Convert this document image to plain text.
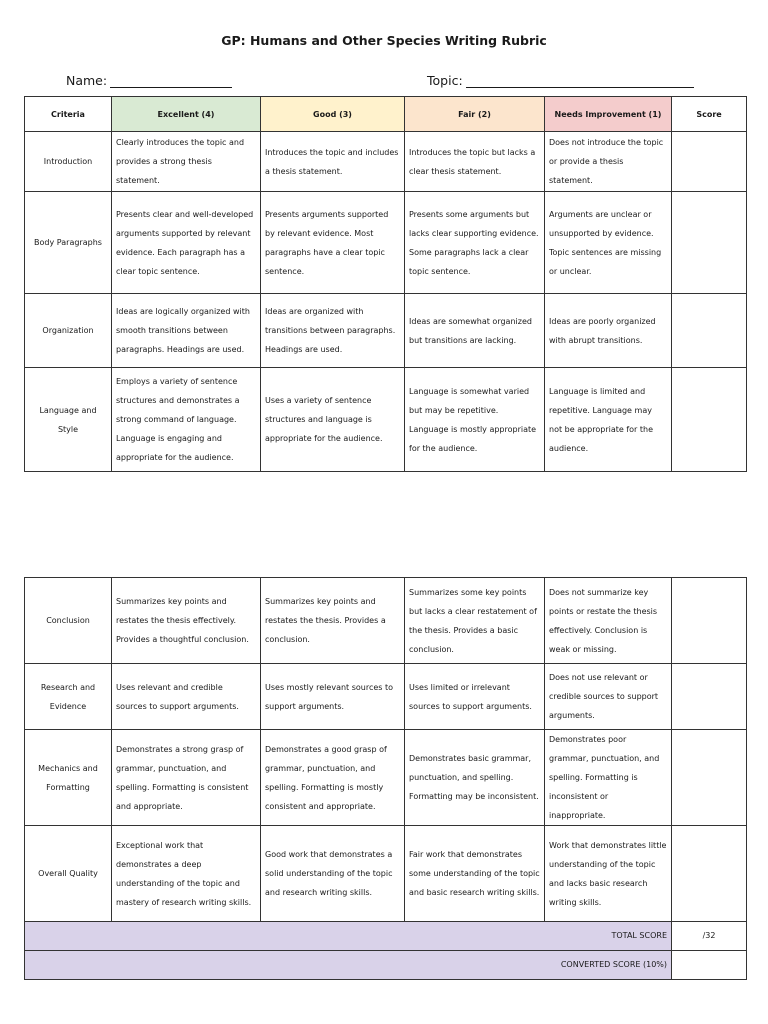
GP: Humans and Other Species Writing Rubric
Name:	Topic:
Criteria	Excellent (4)	Good (3)	Fair (2)	Needs Improvement (1)	Score
Introduction	Clearly introduces the topic and provides a strong thesis statement.	Introduces the topic and includes a thesis statement.	Introduces the topic but lacks a clear thesis statement.	Does not introduce the topic or provide a thesis statement.	
Body Paragraphs	Presents clear and well-developed arguments supported by relevant evidence. Each paragraph has a clear topic sentence.	Presents arguments supported by relevant evidence. Most paragraphs have a clear topic sentence.	Presents some arguments but lacks clear supporting evidence. Some paragraphs lack a clear topic sentence.	Arguments are unclear or unsupported by evidence. Topic sentences are missing or unclear.	
Organization	Ideas are logically organized with smooth transitions between paragraphs. Headings are used.	Ideas are organized with transitions between paragraphs. Headings are used.	Ideas are somewhat organized but transitions are lacking.	Ideas are poorly organized with abrupt transitions.	
Language and Style	Employs a variety of sentence structures and demonstrates a strong command of language. Language is engaging and appropriate for the audience.	Uses a variety of sentence structures and language is appropriate for the audience.	Language is somewhat varied but may be repetitive. Language is mostly appropriate for the audience.	Language is limited and repetitive. Language may not be appropriate for the audience.	
Conclusion	Summarizes key points and restates the thesis effectively. Provides a thoughtful conclusion.	Summarizes key points and restates the thesis. Provides a conclusion.	Summarizes some key points but lacks a clear restatement of the thesis. Provides a basic conclusion.	Does not summarize key points or restate the thesis effectively. Conclusion is weak or missing.	
Research and Evidence	Uses relevant and credible sources to support arguments.	Uses mostly relevant sources to support arguments.	Uses limited or irrelevant sources to support arguments.	Does not use relevant or credible sources to support arguments.	
Mechanics and Formatting	Demonstrates a strong grasp of grammar, punctuation, and spelling. Formatting is consistent and appropriate.	Demonstrates a good grasp of grammar, punctuation, and spelling. Formatting is mostly consistent and appropriate.	Demonstrates basic grammar, punctuation, and spelling. Formatting may be inconsistent.	Demonstrates poor grammar, punctuation, and spelling. Formatting is inconsistent or inappropriate.	
Overall Quality	Exceptional work that demonstrates a deep understanding of the topic and mastery of research writing skills.	Good work that demonstrates a solid understanding of the topic and research writing skills.	Fair work that demonstrates some understanding of the topic and basic research writing skills.	Work that demonstrates little understanding of the topic and lacks basic research writing skills.	
TOTAL SCORE					/32
CONVERTED SCORE (10%)					
